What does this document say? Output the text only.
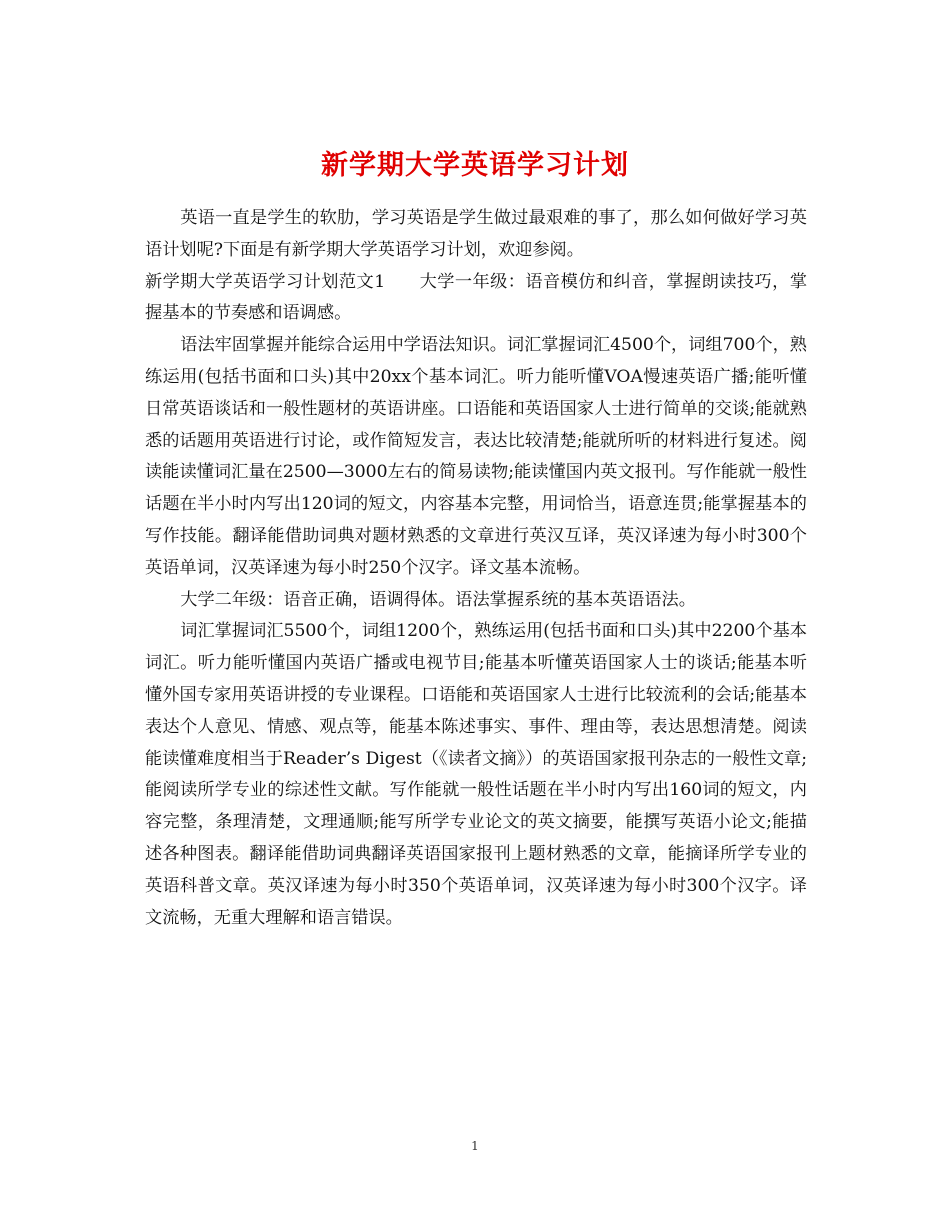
新学期大学英语学习计划

英语一直是学生的软肋，学习英语是学生做过最艰难的事了，那么如何做好学习英语计划呢?下面是有新学期大学英语学习计划，欢迎参阅。

新学期大学英语学习计划范文1 大学一年级：语音模仿和纠音，掌握朗读技巧，掌握基本的节奏感和语调感。

语法牢固掌握并能综合运用中学语法知识。词汇掌握词汇4500个，词组700个，熟练运用(包括书面和口头)其中20xx个基本词汇。听力能听懂VOA慢速英语广播;能听懂日常英语谈话和一般性题材的英语讲座。口语能和英语国家人士进行简单的交谈;能就熟悉的话题用英语进行讨论，或作简短发言，表达比较清楚;能就所听的材料进行复述。阅读能读懂词汇量在2500—3000左右的简易读物;能读懂国内英文报刊。写作能就一般性话题在半小时内写出120词的短文，内容基本完整，用词恰当，语意连贯;能掌握基本的写作技能。翻译能借助词典对题材熟悉的文章进行英汉互译，英汉译速为每小时300个英语单词，汉英译速为每小时250个汉字。译文基本流畅。

大学二年级：语音正确，语调得体。语法掌握系统的基本英语语法。

词汇掌握词汇5500个，词组1200个，熟练运用(包括书面和口头)其中2200个基本词汇。听力能听懂国内英语广播或电视节目;能基本听懂英语国家人士的谈话;能基本听懂外国专家用英语讲授的专业课程。口语能和英语国家人士进行比较流利的会话;能基本表达个人意见、情感、观点等，能基本陈述事实、事件、理由等，表达思想清楚。阅读能读懂难度相当于Reader’s Digest（《读者文摘》）的英语国家报刊杂志的一般性文章;能阅读所学专业的综述性文献。写作能就一般性话题在半小时内写出160词的短文，内容完整，条理清楚，文理通顺;能写所学专业论文的英文摘要，能撰写英语小论文;能描述各种图表。翻译能借助词典翻译英语国家报刊上题材熟悉的文章，能摘译所学专业的英语科普文章。英汉译速为每小时350个英语单词，汉英译速为每小时300个汉字。译文流畅，无重大理解和语言错误。

1
